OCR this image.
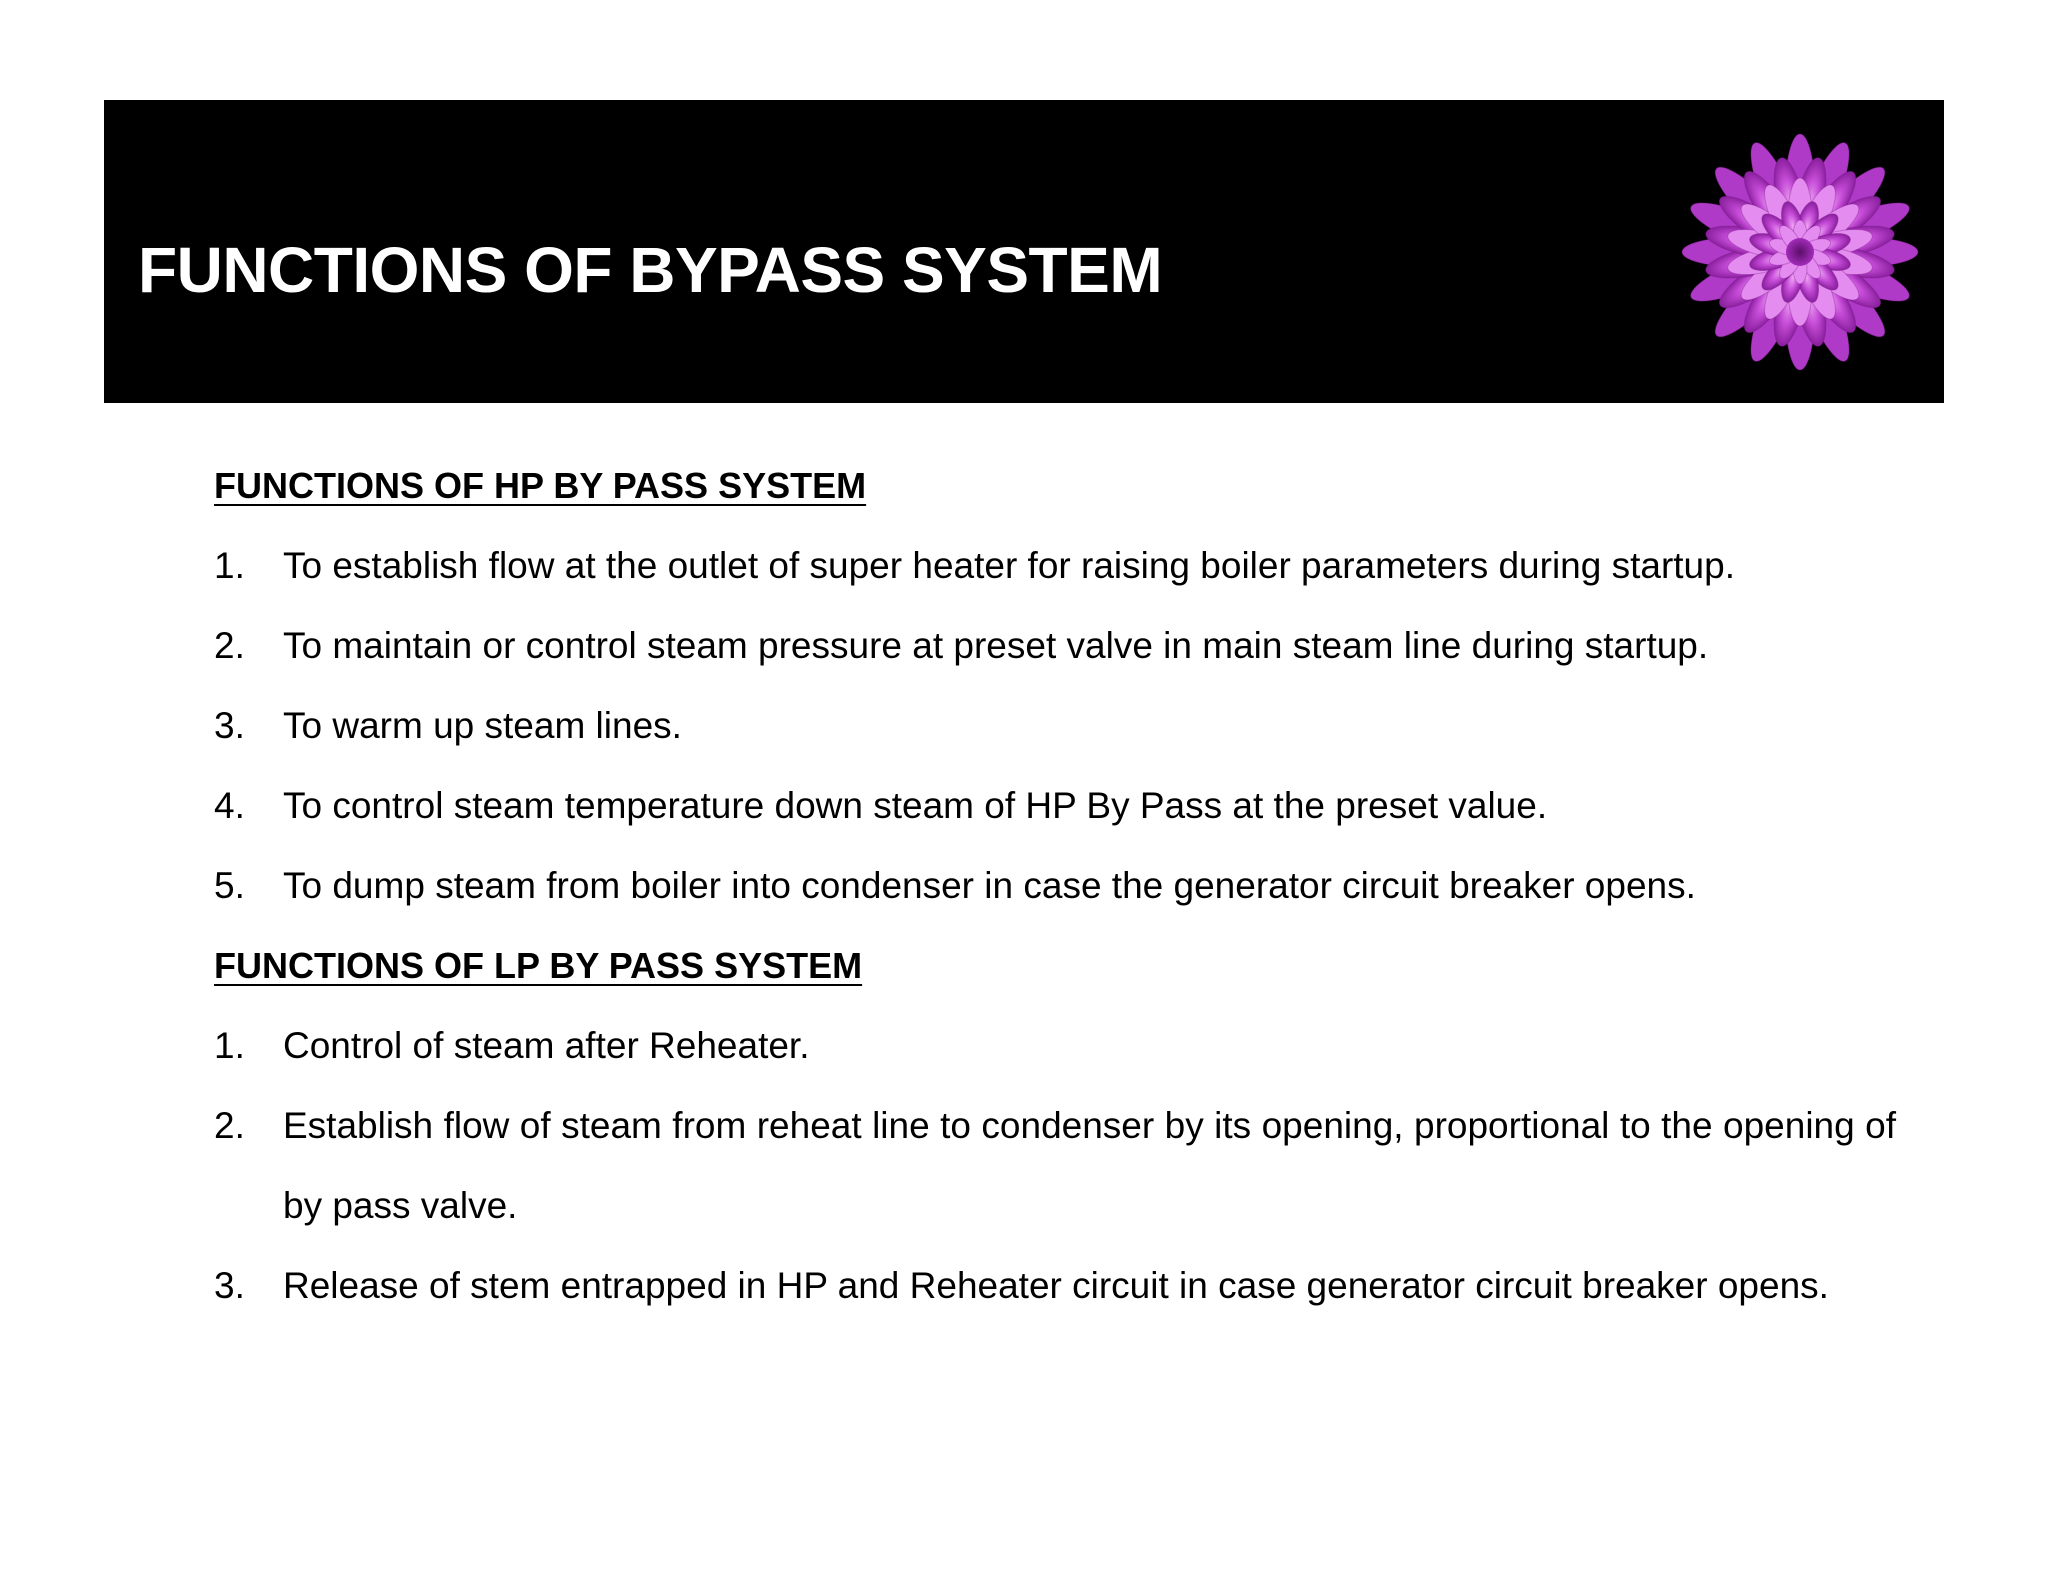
FUNCTIONS OF BYPASS SYSTEM
FUNCTIONS OF HP BY PASS SYSTEM
1.	To establish flow at the outlet of super heater for raising boiler parameters during startup.
2.	To maintain or control steam pressure at preset valve in main steam line during startup.
3.	To warm up steam lines.
4.	To control steam temperature down steam of HP By Pass at the preset value.
5.	To dump steam from boiler into condenser in case the generator circuit breaker opens.
FUNCTIONS OF LP BY PASS SYSTEM
1.	Control of steam after Reheater.
2.	Establish flow of steam from reheat line to condenser by its opening, proportional to the opening of by pass valve.
3.	Release of stem entrapped in HP and Reheater circuit in case generator circuit breaker opens.
